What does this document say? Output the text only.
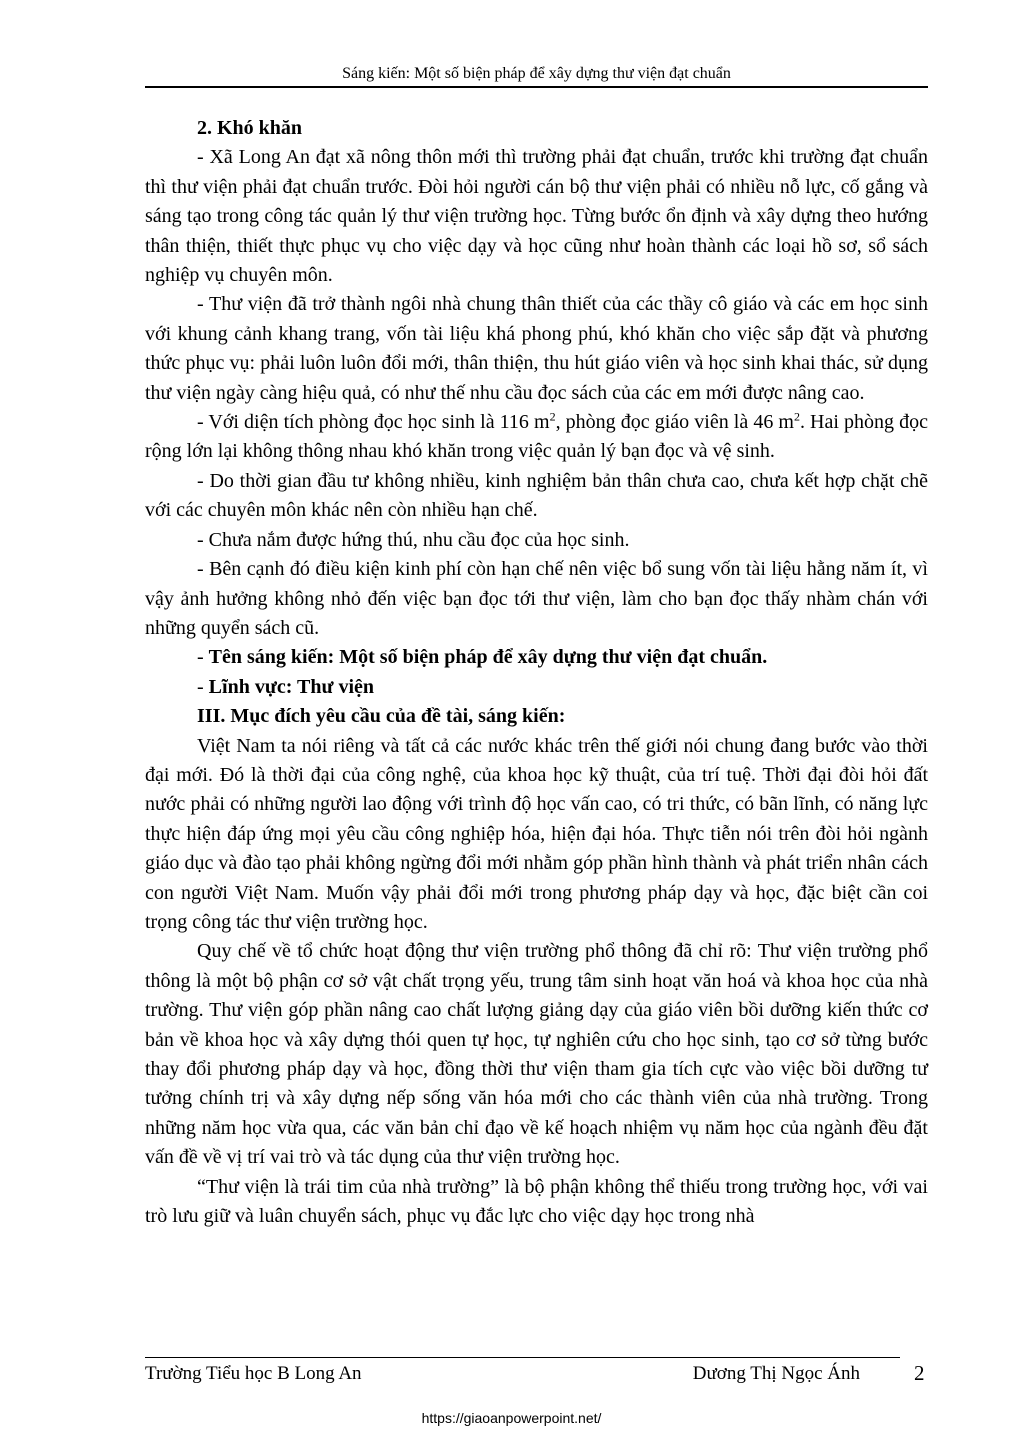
Sáng kiến: Một số biện pháp để xây dựng thư viện đạt chuẩn

2. Khó khăn

- Xã Long An đạt xã nông thôn mới thì trường phải đạt chuẩn, trước khi trường đạt chuẩn thì thư viện phải đạt chuẩn trước. Đòi hỏi người cán bộ thư viện phải có nhiều nỗ lực, cố gắng và sáng tạo trong công tác quản lý thư viện trường học. Từng bước ổn định và xây dựng theo hướng thân thiện, thiết thực phục vụ cho việc dạy và học cũng như hoàn thành các loại hồ sơ, sổ sách nghiệp vụ chuyên môn.

- Thư viện đã trở thành ngôi nhà chung thân thiết của các thầy cô giáo và các em học sinh với khung cảnh khang trang, vốn tài liệu khá phong phú, khó khăn cho việc sắp đặt và phương thức phục vụ: phải luôn luôn đổi mới, thân thiện, thu hút giáo viên và học sinh khai thác, sử dụng thư viện ngày càng hiệu quả, có như thế nhu cầu đọc sách của các em mới được nâng cao.

- Với diện tích phòng đọc học sinh là 116 $m^2$, phòng đọc giáo viên là 46 $m^2$. Hai phòng đọc rộng lớn lại không thông nhau khó khăn trong việc quản lý bạn đọc và vệ sinh.

- Do thời gian đầu tư không nhiều, kinh nghiệm bản thân chưa cao, chưa kết hợp chặt chẽ với các chuyên môn khác nên còn nhiều hạn chế.

- Chưa nắm được hứng thú, nhu cầu đọc của học sinh.

- Bên cạnh đó điều kiện kinh phí còn hạn chế nên việc bổ sung vốn tài liệu hằng năm ít, vì vậy ảnh hưởng không nhỏ đến việc bạn đọc tới thư viện, làm cho bạn đọc thấy nhàm chán với những quyển sách cũ.

- Tên sáng kiến: Một số biện pháp để xây dựng thư viện đạt chuẩn.

- Lĩnh vực: Thư viện

III. Mục đích yêu cầu của đề tài, sáng kiến:

Việt Nam ta nói riêng và tất cả các nước khác trên thế giới nói chung đang bước vào thời đại mới. Đó là thời đại của công nghệ, của khoa học kỹ thuật, của trí tuệ. Thời đại đòi hỏi đất nước phải có những người lao động với trình độ học vấn cao, có tri thức, có bãn lĩnh, có năng lực thực hiện đáp ứng mọi yêu cầu công nghiệp hóa, hiện đại hóa. Thực tiễn nói trên đòi hỏi ngành giáo dục và đào tạo phải không ngừng đổi mới nhằm góp phần hình thành và phát triển nhân cách con người Việt Nam. Muốn vậy phải đổi mới trong phương pháp dạy và học, đặc biệt cần coi trọng công tác thư viện trường học.

Quy chế về tổ chức hoạt động thư viện trường phổ thông đã chỉ rõ: Thư viện trường phổ thông là một bộ phận cơ sở vật chất trọng yếu, trung tâm sinh hoạt văn hoá và khoa học của nhà trường. Thư viện góp phần nâng cao chất lượng giảng dạy của giáo viên bồi dưỡng kiến thức cơ bản về khoa học và xây dựng thói quen tự học, tự nghiên cứu cho học sinh, tạo cơ sở từng bước thay đổi phương pháp dạy và học, đồng thời thư viện tham gia tích cực vào việc bồi dưỡng tư tưởng chính trị và xây dựng nếp sống văn hóa mới cho các thành viên của nhà trường. Trong những năm học vừa qua, các văn bản chỉ đạo về kế hoạch nhiệm vụ năm học của ngành đều đặt vấn đề về vị trí vai trò và tác dụng của thư viện trường học.

“Thư viện là trái tim của nhà trường” là bộ phận không thể thiếu trong trường học, với vai trò lưu giữ và luân chuyển sách, phục vụ đắc lực cho việc dạy học trong nhà

Trường Tiểu học B Long An	Dương Thị Ngọc Ánh	2
https://giaoanpowerpoint.net/
